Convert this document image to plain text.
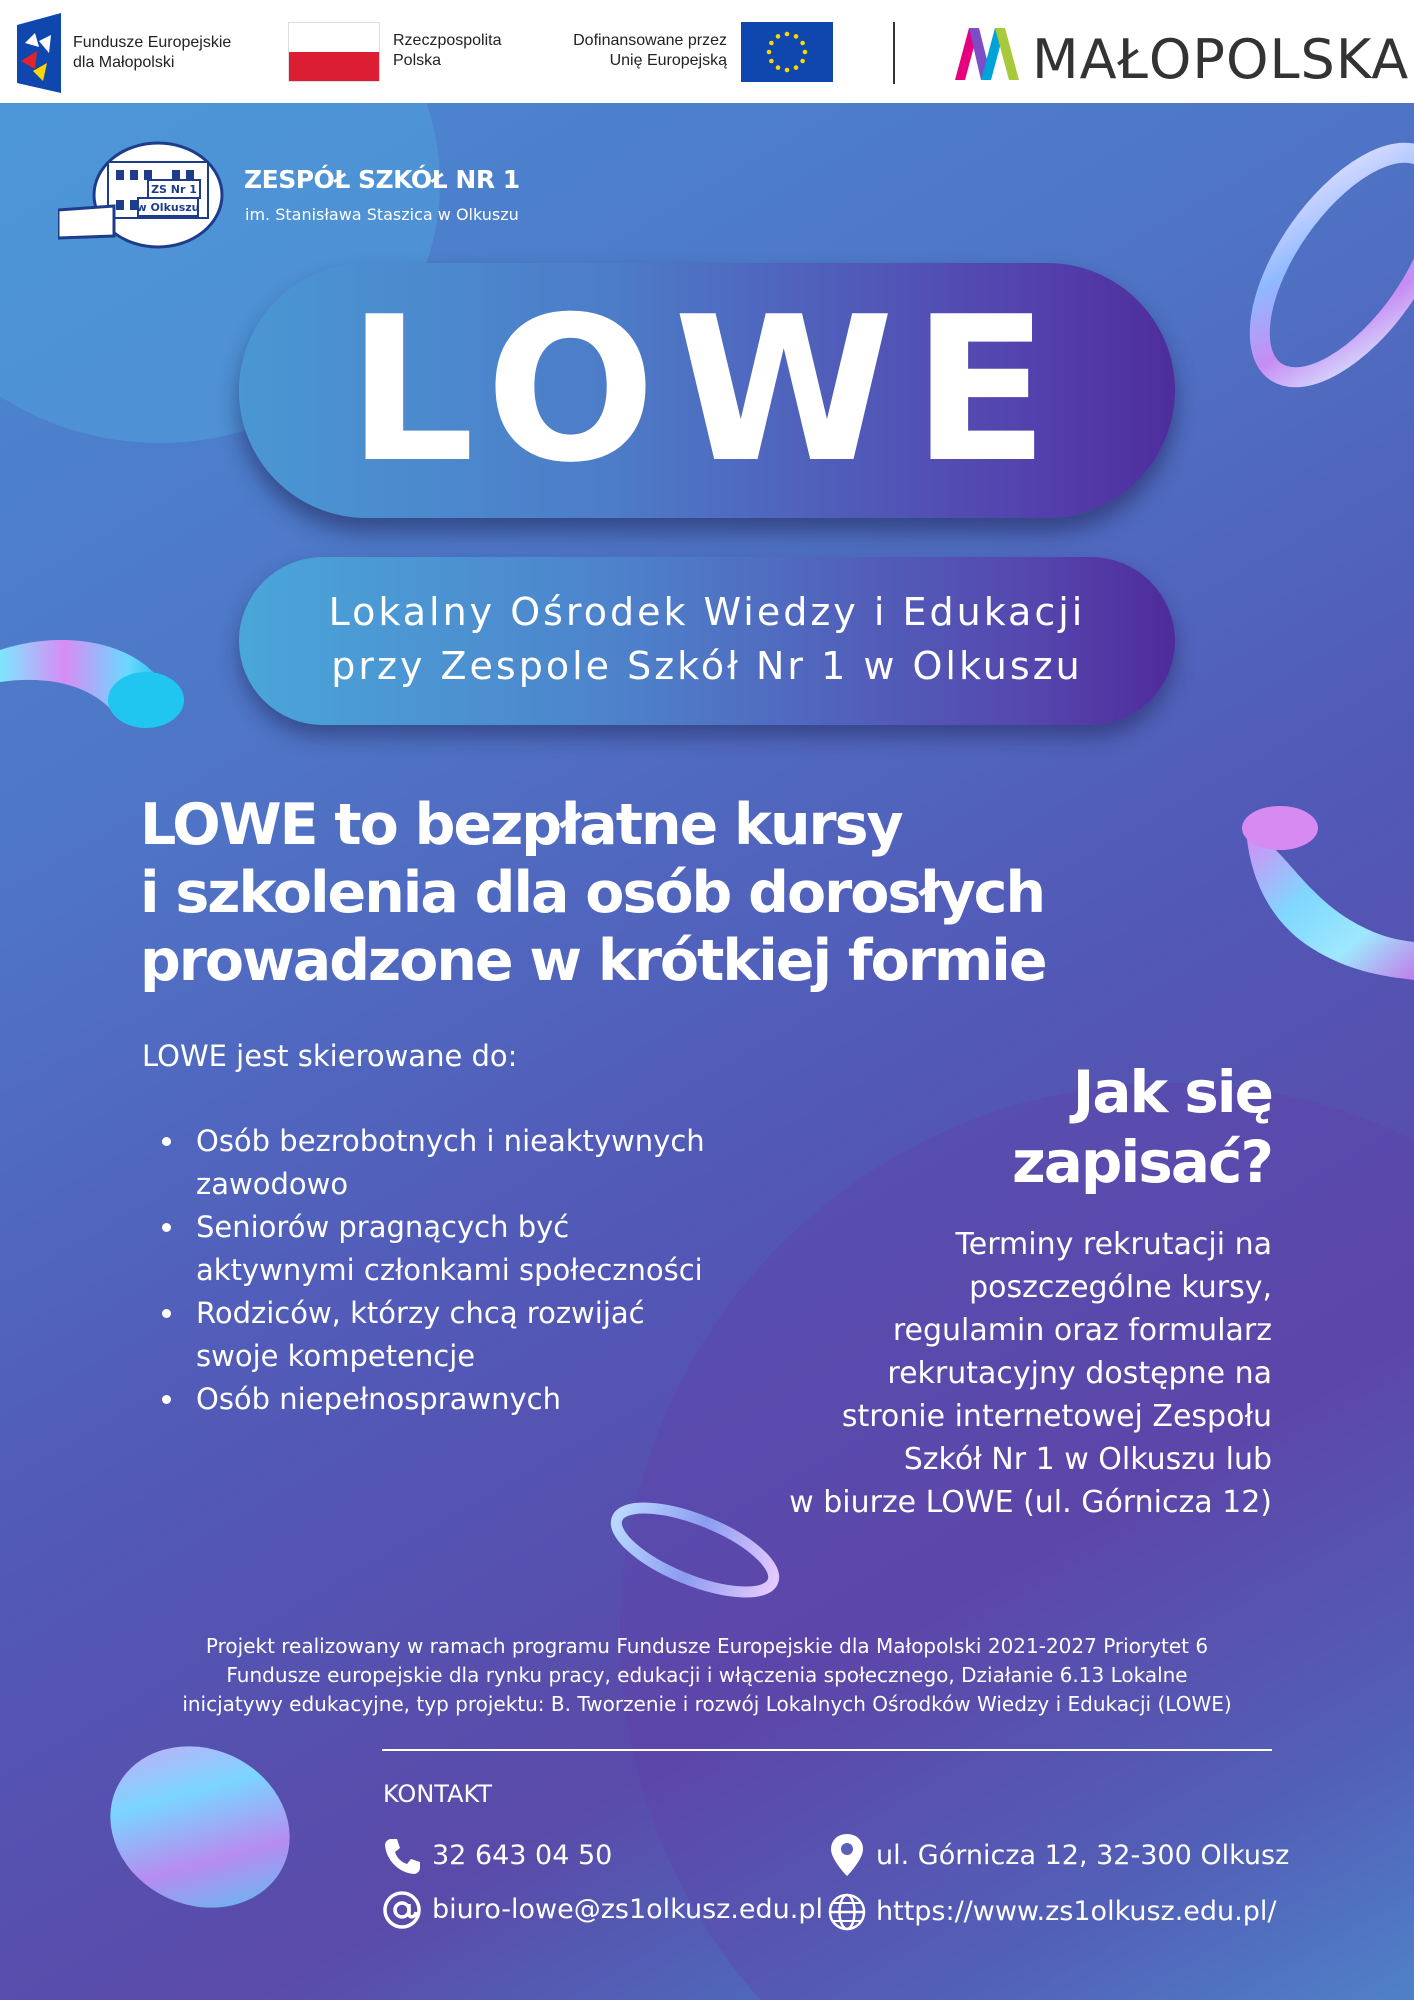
Fundusze Europejskie
dla Małopolski
Rzeczpospolita
Polska
Dofinansowane przez
Unię Europejską	MAŁOPOLSKA
ZS Nr 1
w Olkuszu
ZESPÓŁ SZKÓŁ NR 1
im. Stanisława Staszica w Olkuszu
LOWE
Lokalny Ośrodek Wiedzy i Edukacji
przy Zespole Szkół Nr 1 w Olkuszu
LOWE to bezpłatne kursy
i szkolenia dla osób dorosłych
prowadzone w krótkiej formie
LOWE jest skierowane do:
Osób bezrobotnych i nieaktywnych
zawodowo
Seniorów pragnących być
aktywnymi członkami społeczności
Rodziców, którzy chcą rozwijać
swoje kompetencje
Osób niepełnosprawnych
Jak się
zapisać?
Terminy rekrutacji na
poszczególne kursy,
regulamin oraz formularz
rekrutacyjny dostępne na
stronie internetowej Zespołu
Szkół Nr 1 w Olkuszu lub
w biurze LOWE (ul. Górnicza 12)
Projekt realizowany w ramach programu Fundusze Europejskie dla Małopolski 2021-2027 Priorytet 6
Fundusze europejskie dla rynku pracy, edukacji i włączenia społecznego, Działanie 6.13 Lokalne
inicjatywy edukacyjne, typ projektu: B. Tworzenie i rozwój Lokalnych Ośrodków Wiedzy i Edukacji (LOWE)
KONTAKT
32 643 04 50
biuro-lowe@zs1olkusz.edu.pl
ul. Górnicza 12, 32-300 Olkusz
https://www.zs1olkusz.edu.pl/
